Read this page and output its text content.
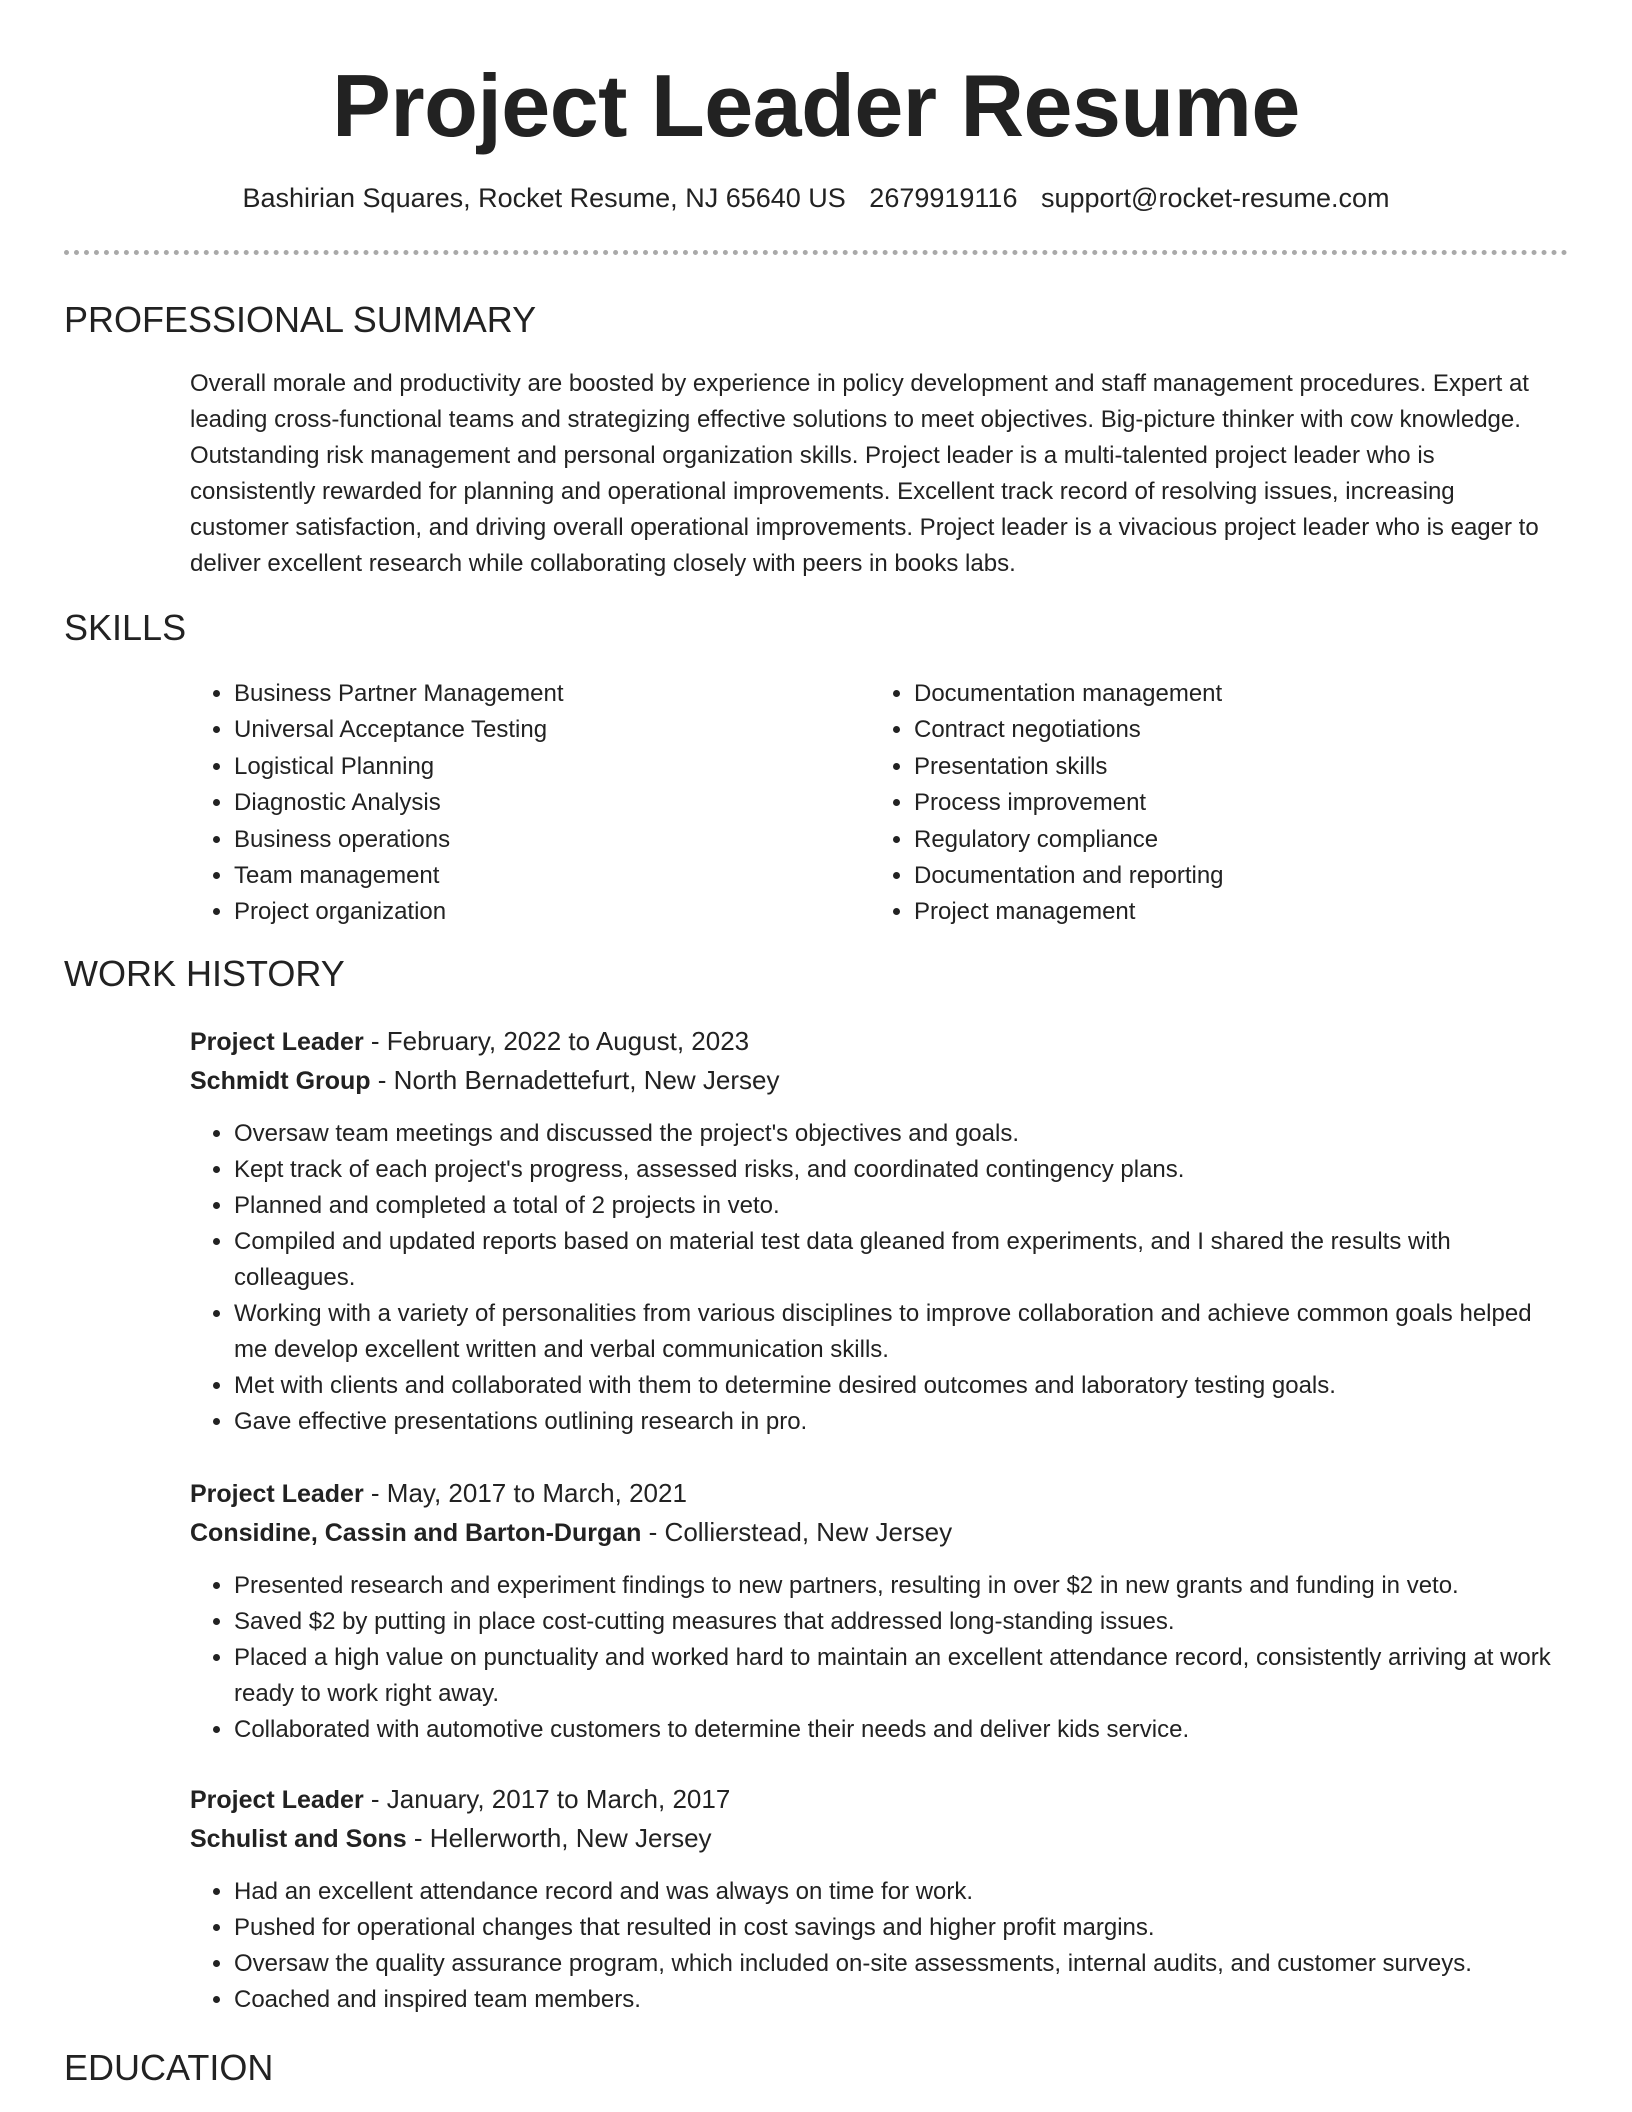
Project Leader Resume
Bashirian Squares, Rocket Resume, NJ 65640 US 2679919116 support@rocket-resume.com
PROFESSIONAL SUMMARY

Overall morale and productivity are boosted by experience in policy development and staff management procedures. Expert at leading cross-functional teams and strategizing effective solutions to meet objectives. Big-picture thinker with cow knowledge. Outstanding risk management and personal organization skills. Project leader is a multi-talented project leader who is consistently rewarded for planning and operational improvements. Excellent track record of resolving issues, increasing customer satisfaction, and driving overall operational improvements. Project leader is a vivacious project leader who is eager to deliver excellent research while collaborating closely with peers in books labs.

SKILLS
• Business Partner Management
• Universal Acceptance Testing
• Logistical Planning
• Diagnostic Analysis
• Business operations
• Team management
• Project organization
• Documentation management
• Contract negotiations
• Presentation skills
• Process improvement
• Regulatory compliance
• Documentation and reporting
• Project management
WORK HISTORY
Project Leader - February, 2022 to August, 2023
Schmidt Group - North Bernadettefurt, New Jersey
• Oversaw team meetings and discussed the project's objectives and goals.
• Kept track of each project's progress, assessed risks, and coordinated contingency plans.
• Planned and completed a total of 2 projects in veto.
• Compiled and updated reports based on material test data gleaned from experiments, and I shared the results with colleagues.
• Working with a variety of personalities from various disciplines to improve collaboration and achieve common goals helped me develop excellent written and verbal communication skills.
• Met with clients and collaborated with them to determine desired outcomes and laboratory testing goals.
• Gave effective presentations outlining research in pro.
Project Leader - May, 2017 to March, 2021
Considine, Cassin and Barton-Durgan - Collierstead, New Jersey
• Presented research and experiment findings to new partners, resulting in over $2 in new grants and funding in veto.
• Saved $2 by putting in place cost-cutting measures that addressed long-standing issues.
• Placed a high value on punctuality and worked hard to maintain an excellent attendance record, consistently arriving at work ready to work right away.
• Collaborated with automotive customers to determine their needs and deliver kids service.
Project Leader - January, 2017 to March, 2017
Schulist and Sons - Hellerworth, New Jersey
• Had an excellent attendance record and was always on time for work.
• Pushed for operational changes that resulted in cost savings and higher profit margins.
• Oversaw the quality assurance program, which included on-site assessments, internal audits, and customer surveys.
• Coached and inspired team members.
EDUCATION
